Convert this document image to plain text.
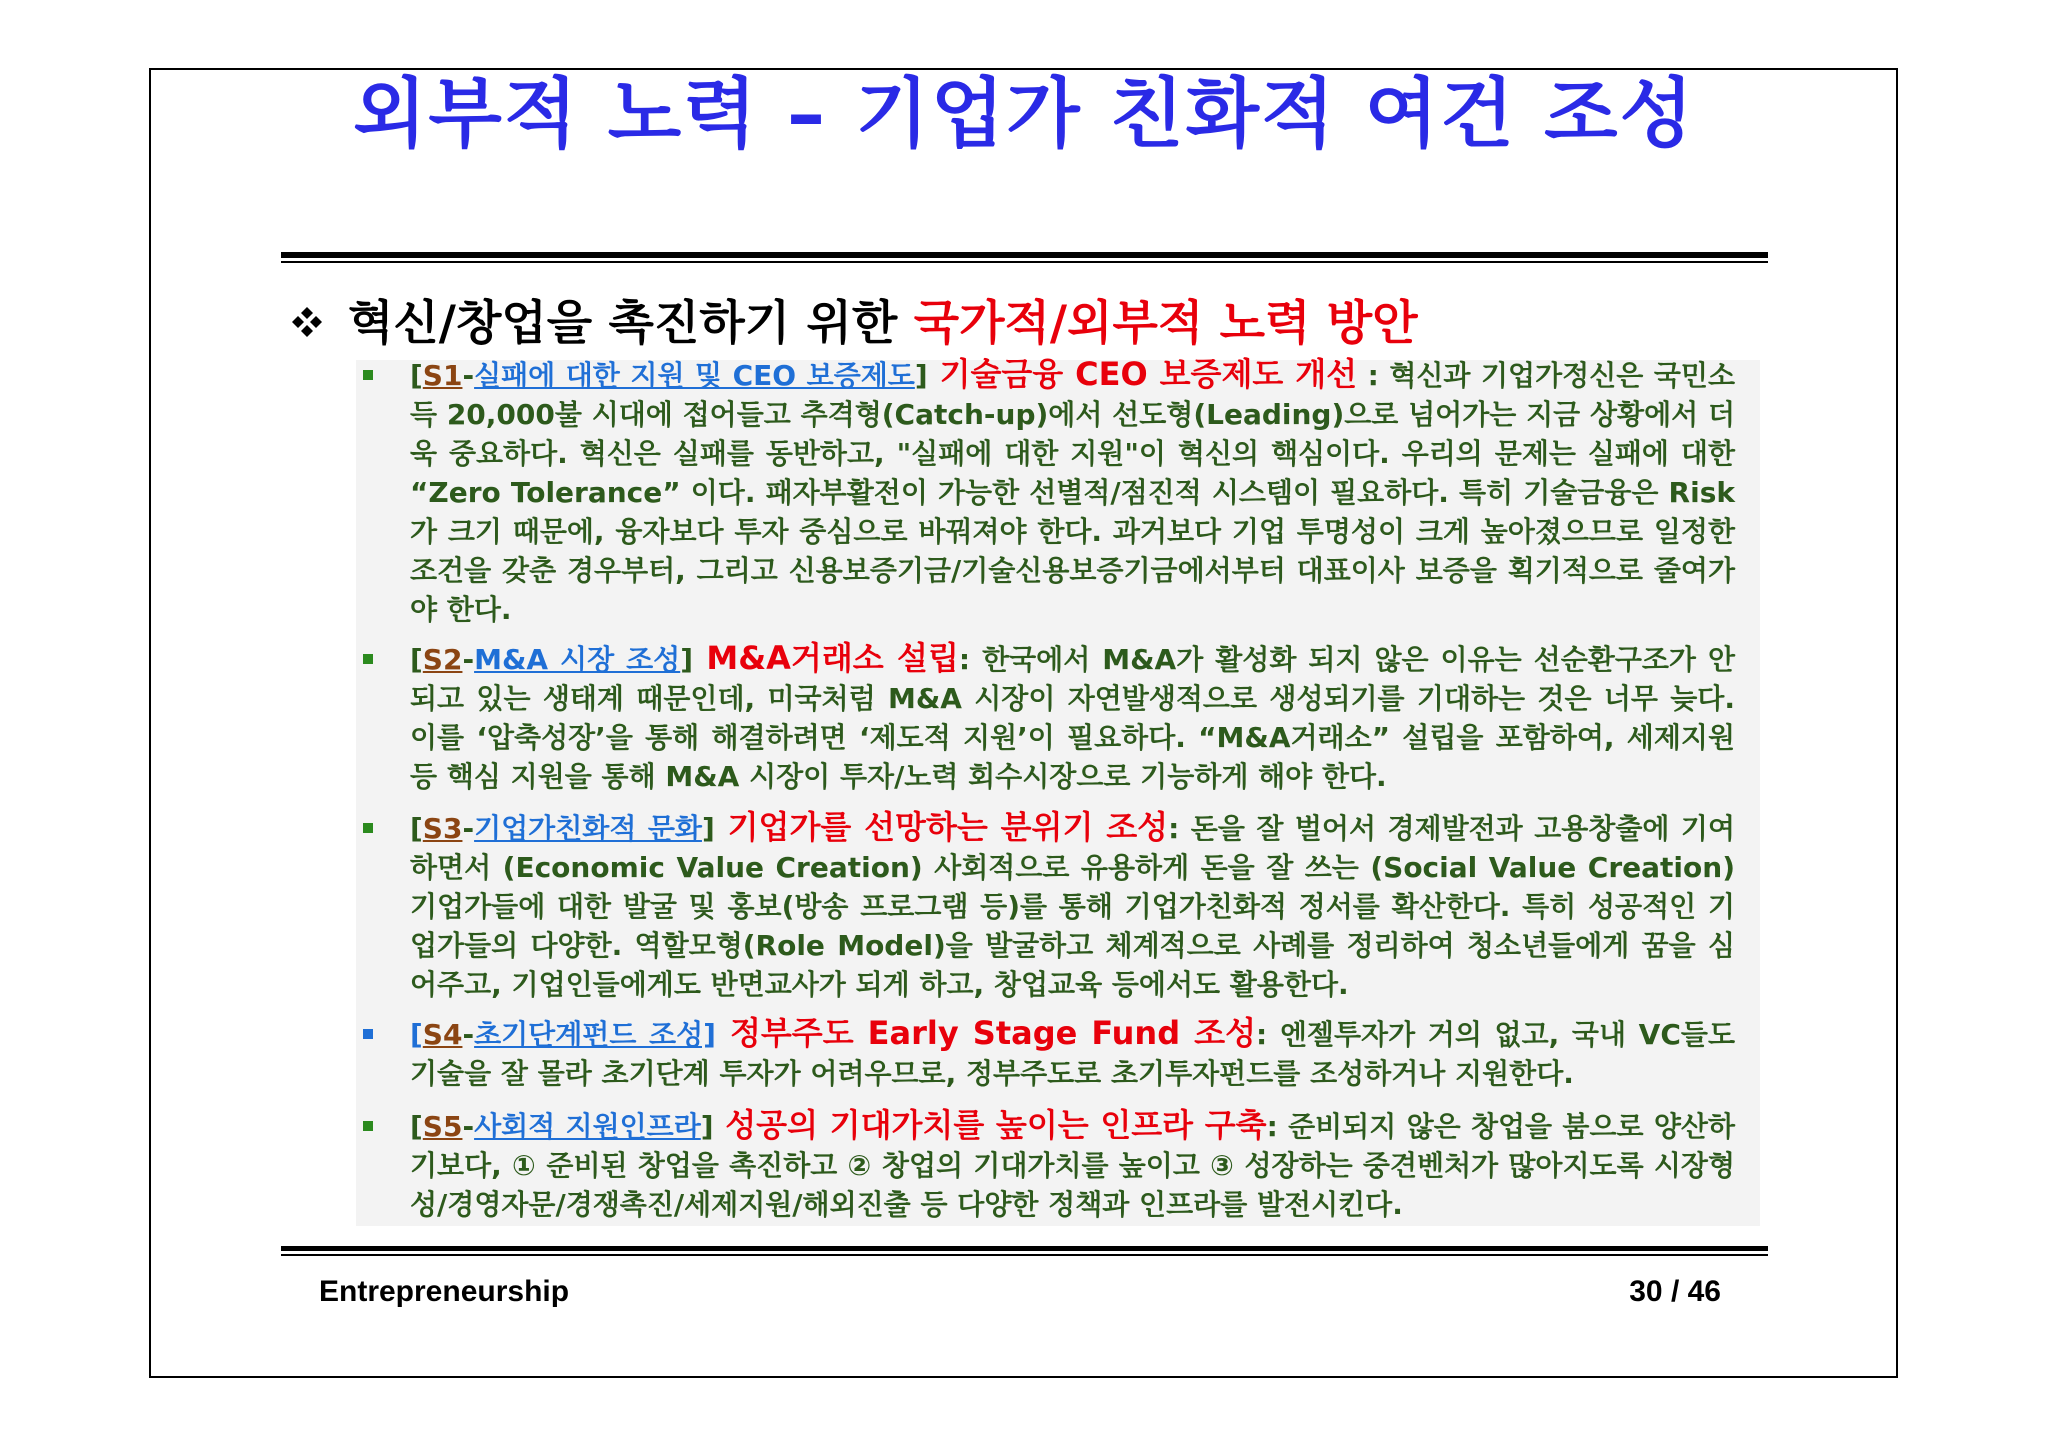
외부적 노력 – 기업가 친화적 여건 조성
혁신/창업을 촉진하기 위한 국가적/외부적 노력 방안
[S1-실패에 대한 지원 및 CEO 보증제도] 기술금융 CEO 보증제도 개선 : 혁신과 기업가정신은 국민소득 20,000불 시대에 접어들고 추격형(Catch-up)에서 선도형(Leading)으로 넘어가는 지금 상황에서 더욱 중요하다. 혁신은 실패를 동반하고, "실패에 대한 지원"이 혁신의 핵심이다. 우리의 문제는 실패에 대한 “Zero Tolerance” 이다. 패자부활전이 가능한 선별적/점진적 시스템이 필요하다. 특히 기술금융은 Risk가 크기 때문에, 융자보다 투자 중심으로 바꿔져야 한다. 과거보다 기업 투명성이 크게 높아졌으므로 일정한 조건을 갖춘 경우부터, 그리고 신용보증기금/기술신용보증기금에서부터 대표이사 보증을 획기적으로 줄여가야 한다.
[S2-M&A 시장 조성] M&A거래소 설립: 한국에서 M&A가 활성화 되지 않은 이유는 선순환구조가 안되고 있는 생태계 때문인데, 미국처럼 M&A 시장이 자연발생적으로 생성되기를 기대하는 것은 너무 늦다. 이를 ‘압축성장’을 통해 해결하려면 ‘제도적 지원’이 필요하다. “M&A거래소” 설립을 포함하여, 세제지원 등 핵심 지원을 통해 M&A 시장이 투자/노력 회수시장으로 기능하게 해야 한다.
[S3-기업가친화적 문화] 기업가를 선망하는 분위기 조성: 돈을 잘 벌어서 경제발전과 고용창출에 기여하면서 (Economic Value Creation) 사회적으로 유용하게 돈을 잘 쓰는 (Social Value Creation) 기업가들에 대한 발굴 및 홍보(방송 프로그램 등)를 통해 기업가친화적 정서를 확산한다. 특히 성공적인 기업가들의 다양한. 역할모형(Role Model)을 발굴하고 체계적으로 사례를 정리하여 청소년들에게 꿈을 심어주고, 기업인들에게도 반면교사가 되게 하고, 창업교육 등에서도 활용한다.
[S4-초기단계펀드 조성] 정부주도 Early Stage Fund 조성: 엔젤투자가 거의 없고, 국내 VC들도 기술을 잘 몰라 초기단계 투자가 어려우므로, 정부주도로 초기투자펀드를 조성하거나 지원한다.
[S5-사회적 지원인프라] 성공의 기대가치를 높이는 인프라 구축: 준비되지 않은 창업을 붐으로 양산하기보다, ① 준비된 창업을 촉진하고 ② 창업의 기대가치를 높이고 ③ 성장하는 중견벤처가 많아지도록 시장형성/경영자문/경쟁촉진/세제지원/해외진출 등 다양한 정책과 인프라를 발전시킨다.
Entrepreneurship	30 / 46
